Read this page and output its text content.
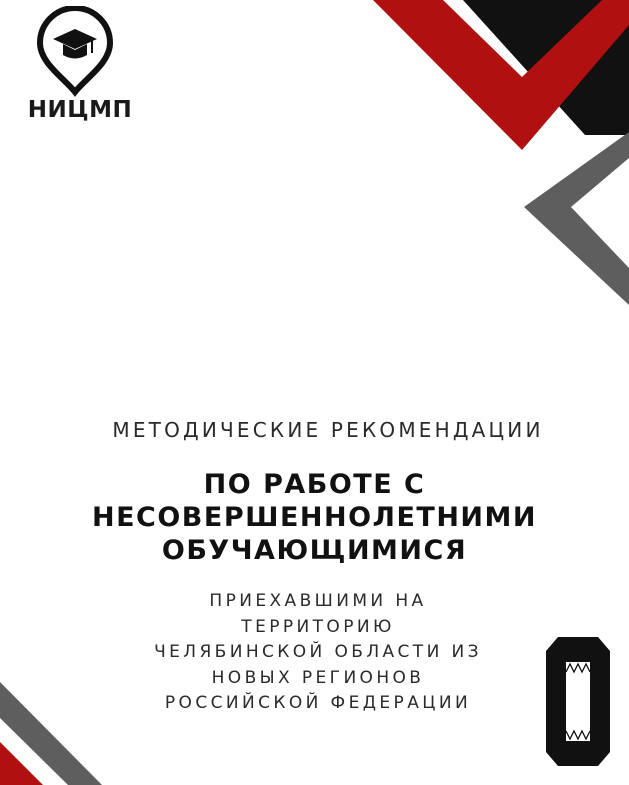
НИЦМП
МЕТОДИЧЕСКИЕ РЕКОМЕНДАЦИИ
ПО РАБОТЕ С
НЕСОВЕРШЕННОЛЕТНИМИ
ОБУЧАЮЩИМИСЯ
ПРИЕХАВШИМИ НА
ТЕРРИТОРИЮ
ЧЕЛЯБИНСКОЙ ОБЛАСТИ ИЗ
НОВЫХ РЕГИОНОВ
РОССИЙСКОЙ ФЕДЕРАЦИИ
